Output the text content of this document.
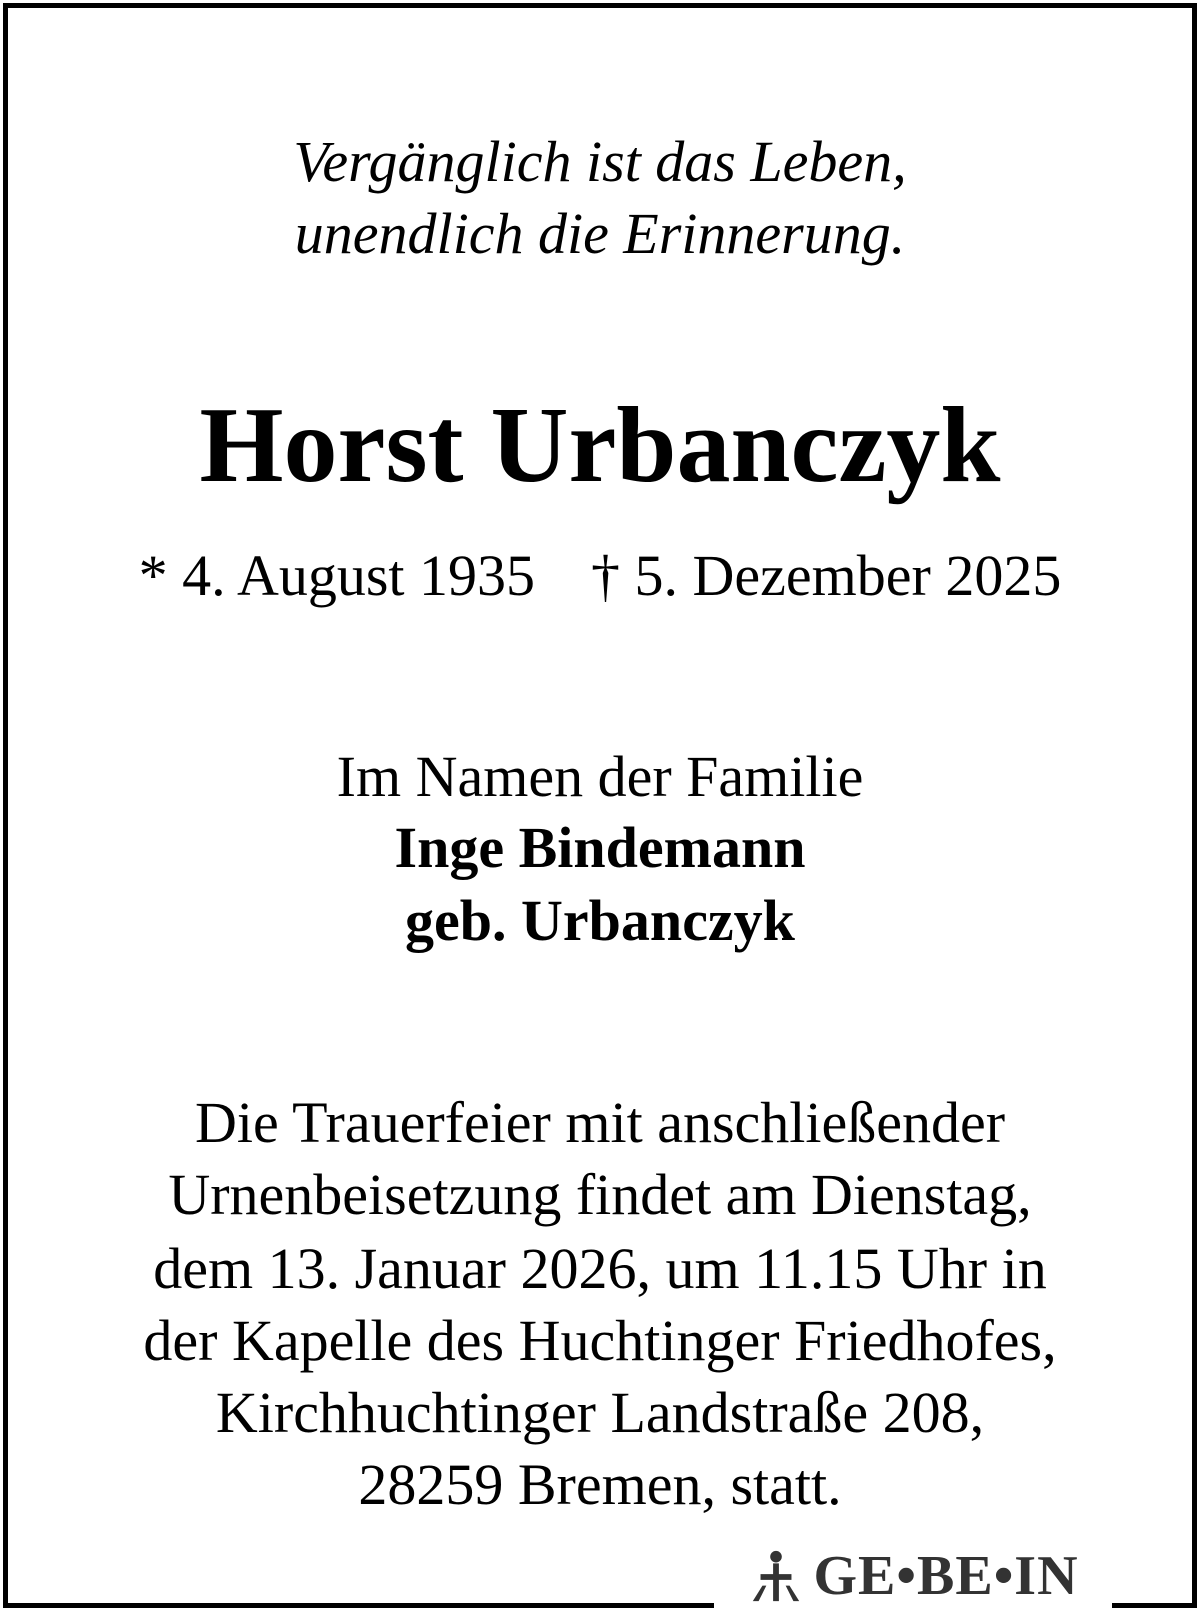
Vergänglich ist das Leben,
unendlich die Erinnerung.
Horst Urbanczyk
* 4. August 1935 † 5. Dezember 2025
Im Namen der Familie
Inge Bindemann
geb. Urbanczyk
Die Trauerfeier mit anschließender
Urnenbeisetzung findet am Dienstag,
dem 13. Januar 2026, um 11.15 Uhr in
der Kapelle des Huchtinger Friedhofes,
Kirchhuchtinger Landstraße 208,
28259 Bremen, statt.
GE•BE•IN
